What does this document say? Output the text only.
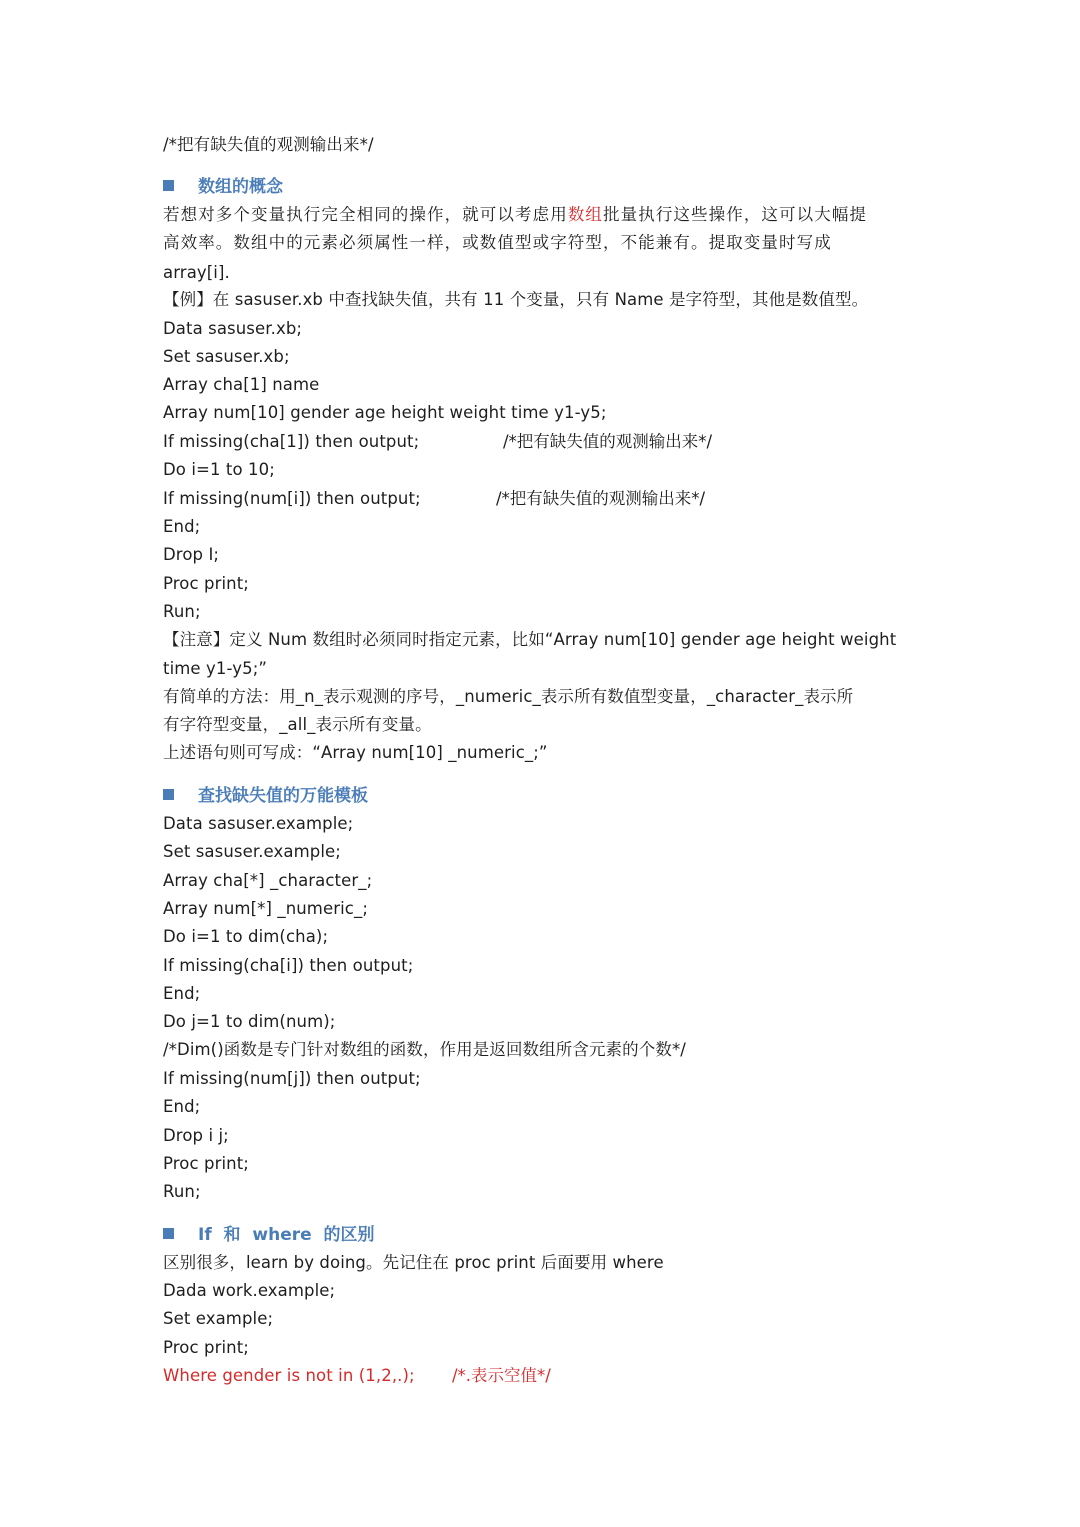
/*把有缺失值的观测输出来*/
数组的概念
若想对多个变量执行完全相同的操作，就可以考虑用数组批量执行这些操作，这可以大幅提
高效率。数组中的元素必须属性一样，或数值型或字符型，不能兼有。提取变量时写成
array[i].
【例】在 sasuser.xb 中查找缺失值，共有 11 个变量，只有 Name 是字符型，其他是数值型。
Data sasuser.xb;
Set sasuser.xb;
Array cha[1] name
Array num[10] gender age height weight time y1-y5;
If missing(cha[1]) then output;	/*把有缺失值的观测输出来*/
Do i=1 to 10;
If missing(num[i]) then output;	/*把有缺失值的观测输出来*/
End;
Drop I;
Proc print;
Run;
【注意】定义 Num 数组时必须同时指定元素，比如“Array num[10] gender age height weight
time y1-y5;”
有简单的方法：用_n_表示观测的序号，_numeric_表示所有数值型变量，_character_表示所
有字符型变量，_all_表示所有变量。
上述语句则可写成：“Array num[10] _numeric_;”
查找缺失值的万能模板
Data sasuser.example;
Set sasuser.example;
Array cha[*] _character_;
Array num[*] _numeric_;
Do i=1 to dim(cha);
If missing(cha[i]) then output;
End;
Do j=1 to dim(num);
/*Dim()函数是专门针对数组的函数，作用是返回数组所含元素的个数*/
If missing(num[j]) then output;
End;
Drop i j;
Proc print;
Run;
If  和  where  的区别
区别很多，learn by doing。先记住在 proc print 后面要用 where
Dada work.example;
Set example;
Proc print;
Where gender is not in (1,2,.); /*.表示空值*/
